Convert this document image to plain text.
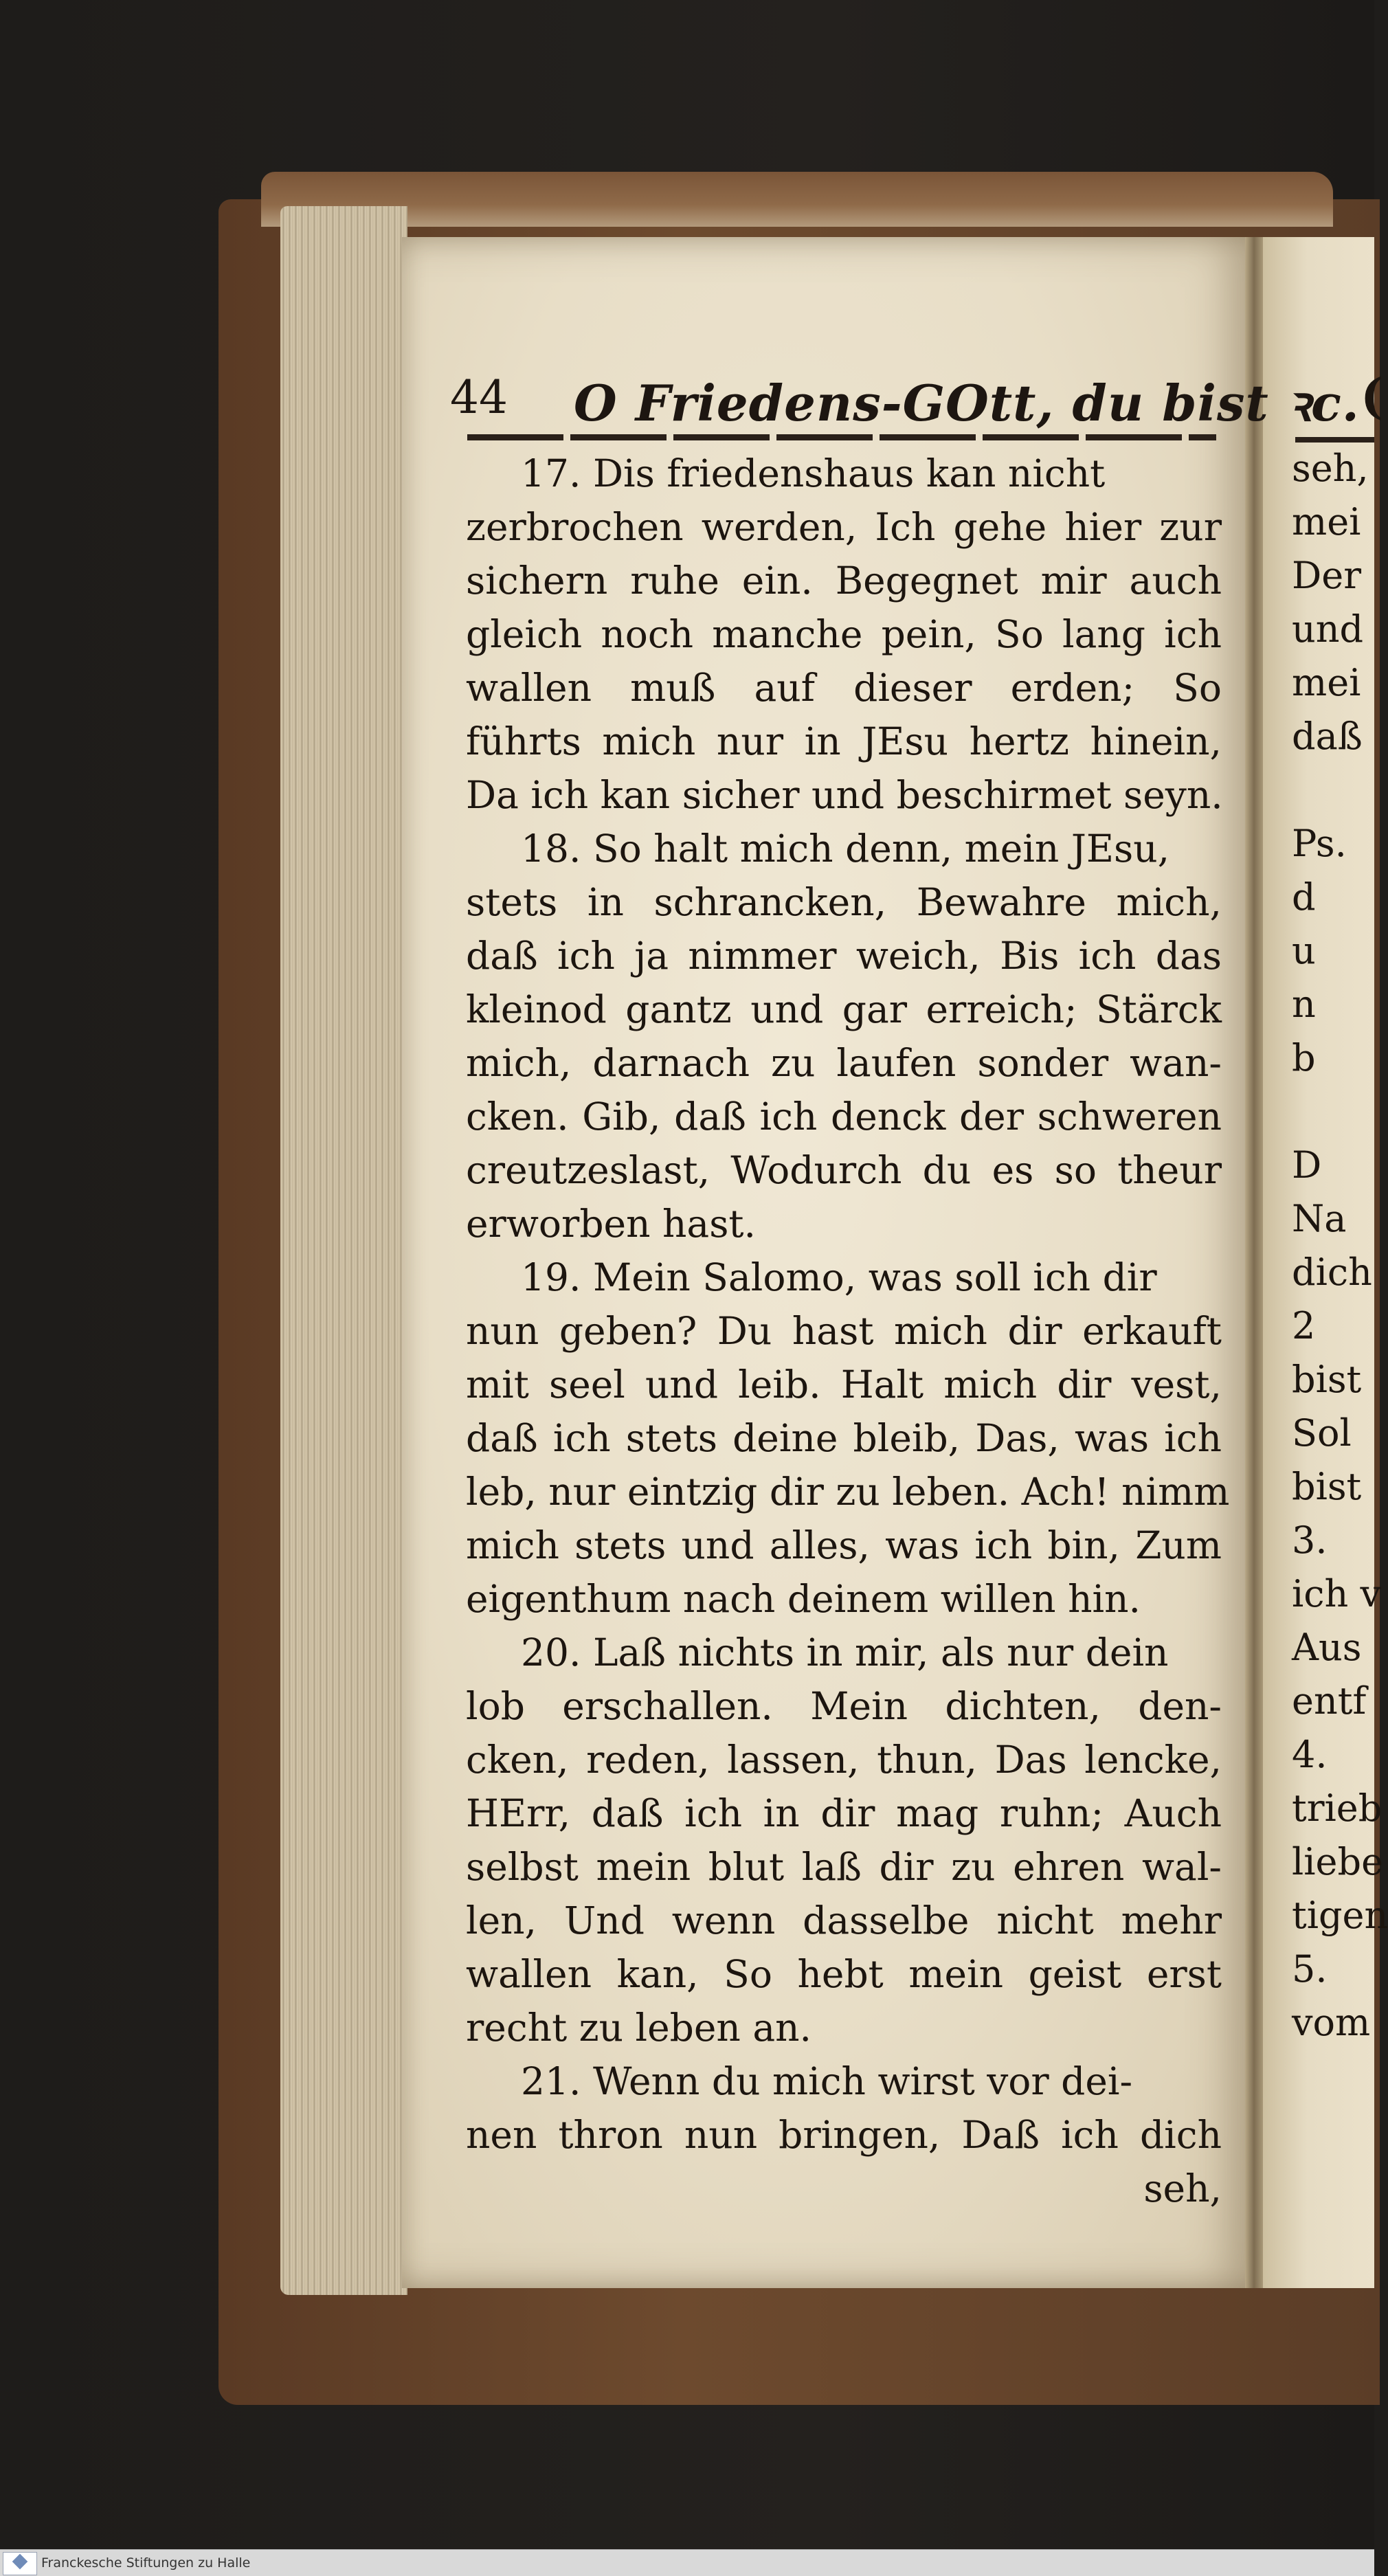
44 O Friedens-GOtt, du bist ꝛc.
17. Dis friedenshaus kan nicht
zerbrochen werden, Ich gehe hier zur
sichern ruhe ein. Begegnet mir auch
gleich noch manche pein, So lang ich
wallen muß auf dieser erden; So
führts mich nur in JEsu hertz hinein,
Da ich kan sicher und beschirmet seyn.
18. So halt mich denn, mein JEsu,
stets in schrancken, Bewahre mich,
daß ich ja nimmer weich, Bis ich das
kleinod gantz und gar erreich; Stärck
mich, darnach zu laufen sonder wan-
cken. Gib, daß ich denck der schweren
creutzeslast, Wodurch du es so theur
erworben hast.
19. Mein Salomo, was soll ich dir
nun geben? Du hast mich dir erkauft
mit seel und leib. Halt mich dir vest,
daß ich stets deine bleib, Das, was ich
leb, nur eintzig dir zu leben. Ach! nimm
mich stets und alles, was ich bin, Zum
eigenthum nach deinem willen hin.
20. Laß nichts in mir, als nur dein
lob erschallen. Mein dichten, den-
cken, reden, lassen, thun, Das lencke,
HErr, daß ich in dir mag ruhn; Auch
selbst mein blut laß dir zu ehren wal-
len, Und wenn dasselbe nicht mehr
wallen kan, So hebt mein geist erst
recht zu leben an.
21. Wenn du mich wirst vor dei-
nen thron nun bringen, Daß ich dich
seh,
(
seh,
mei
Der
und
mei
daß
Ps.
d
u
n
b
D
Na
dich
2
bist
Sol
bist
3.
ich v
Aus
entf
4.
trieb
liebe
tigen
5.
vom
Franckesche Stiftungen zu Halle
